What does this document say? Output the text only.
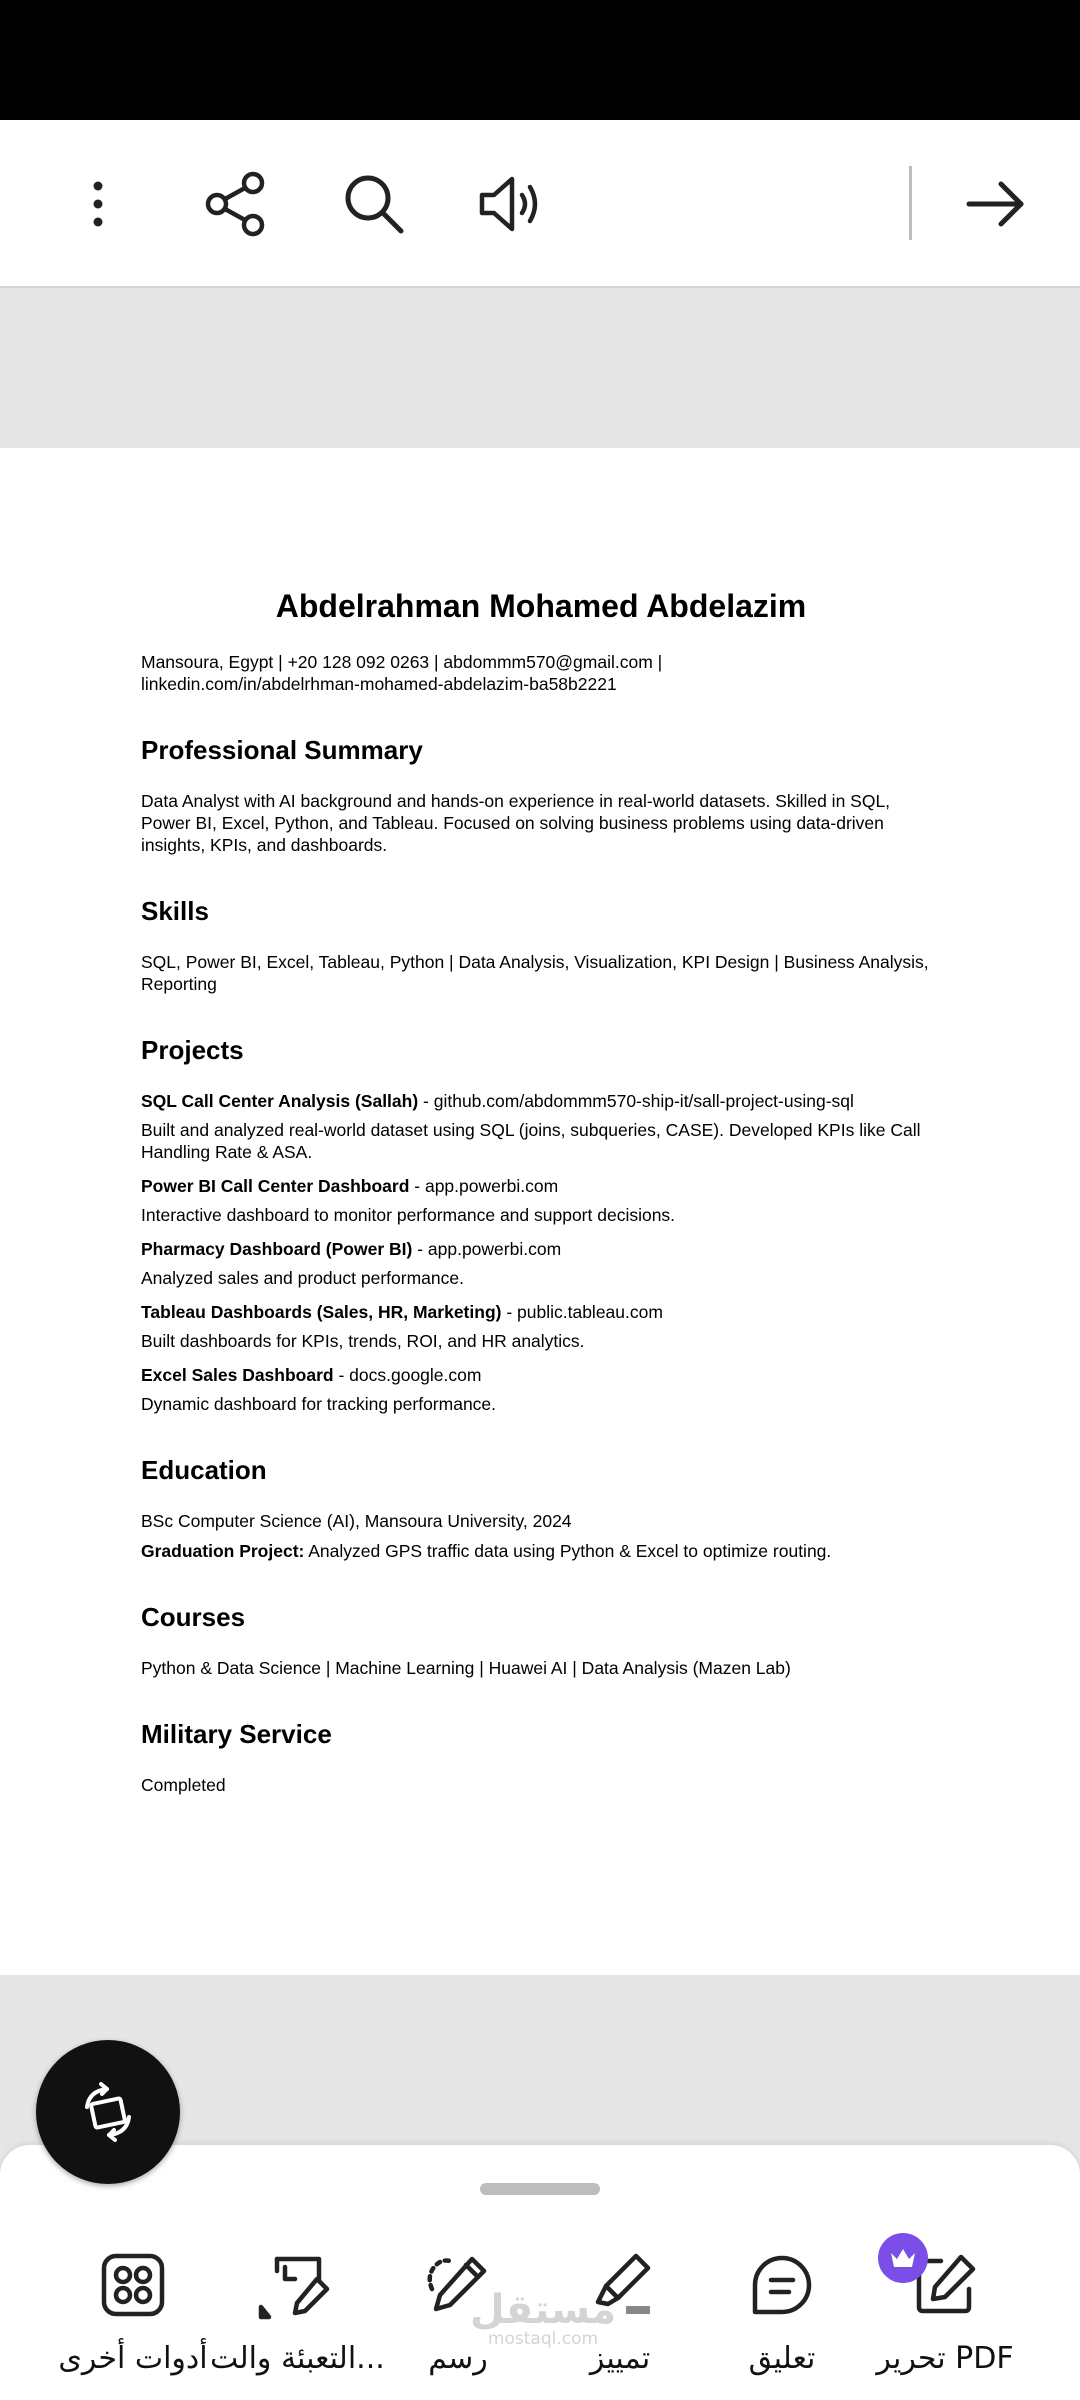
Abdelrahman Mohamed Abdelazim
Mansoura, Egypt | +20 128 092 0263 | abdommm570@gmail.com |
linkedin.com/in/abdelrhman-mohamed-abdelazim-ba58b2221
Professional Summary
Data Analyst with AI background and hands-on experience in real-world datasets. Skilled in SQL, Power BI, Excel, Python, and Tableau. Focused on solving business problems using data-driven insights, KPIs, and dashboards.
Skills
SQL, Power BI, Excel, Tableau, Python | Data Analysis, Visualization, KPI Design | Business Analysis, Reporting
Projects
SQL Call Center Analysis (Sallah) - github.com/abdommm570-ship-it/sall-project-using-sql
Built and analyzed real-world dataset using SQL (joins, subqueries, CASE). Developed KPIs like Call Handling Rate & ASA.
Power BI Call Center Dashboard - app.powerbi.com
Interactive dashboard to monitor performance and support decisions.
Pharmacy Dashboard (Power BI) - app.powerbi.com
Analyzed sales and product performance.
Tableau Dashboards (Sales, HR, Marketing) - public.tableau.com
Built dashboards for KPIs, trends, ROI, and HR analytics.
Excel Sales Dashboard - docs.google.com
Dynamic dashboard for tracking performance.
Education
BSc Computer Science (AI), Mansoura University, 2024
Graduation Project: Analyzed GPS traffic data using Python & Excel to optimize routing.
Courses
Python & Data Science | Machine Learning | Huawei AI | Data Analysis (Mazen Lab)
Military Service
Completed
تحرير PDF
تعليق
تمييز
رسم
التعبئة والت...
أدوات أخرى
مستقل
mostaql.com
